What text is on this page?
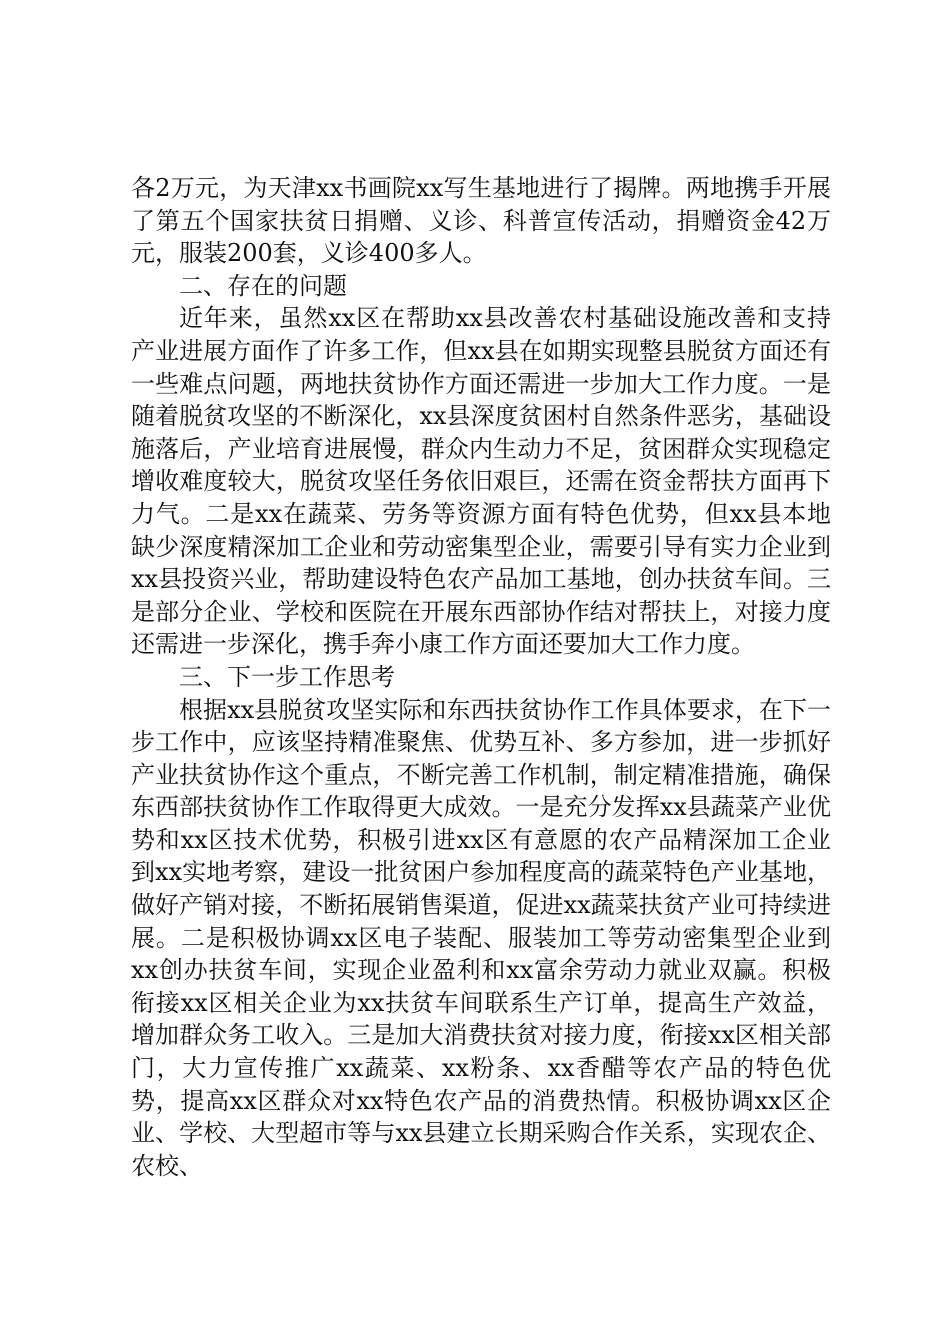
各2万元，为天津xx书画院xx写生基地进行了揭牌。两地携手开展了第五个国家扶贫日捐赠、义诊、科普宣传活动，捐赠资金42万元，服装200套，义诊400多人。

二、存在的问题

近年来，虽然xx区在帮助xx县改善农村基础设施改善和支持产业进展方面作了许多工作，但xx县在如期实现整县脱贫方面还有一些难点问题，两地扶贫协作方面还需进一步加大工作力度。一是随着脱贫攻坚的不断深化，xx县深度贫困村自然条件恶劣，基础设施落后，产业培育进展慢，群众内生动力不足，贫困群众实现稳定增收难度较大，脱贫攻坚任务依旧艰巨，还需在资金帮扶方面再下力气。二是xx在蔬菜、劳务等资源方面有特色优势，但xx县本地缺少深度精深加工企业和劳动密集型企业，需要引导有实力企业到xx县投资兴业，帮助建设特色农产品加工基地，创办扶贫车间。三是部分企业、学校和医院在开展东西部协作结对帮扶上，对接力度还需进一步深化，携手奔小康工作方面还要加大工作力度。

三、下一步工作思考

根据xx县脱贫攻坚实际和东西扶贫协作工作具体要求，在下一步工作中，应该坚持精准聚焦、优势互补、多方参加，进一步抓好产业扶贫协作这个重点，不断完善工作机制，制定精准措施，确保东西部扶贫协作工作取得更大成效。一是充分发挥xx县蔬菜产业优势和xx区技术优势，积极引进xx区有意愿的农产品精深加工企业到xx实地考察，建设一批贫困户参加程度高的蔬菜特色产业基地，做好产销对接，不断拓展销售渠道，促进xx蔬菜扶贫产业可持续进展。二是积极协调xx区电子装配、服装加工等劳动密集型企业到xx创办扶贫车间，实现企业盈利和xx富余劳动力就业双赢。积极衔接xx区相关企业为xx扶贫车间联系生产订单，提高生产效益，增加群众务工收入。三是加大消费扶贫对接力度，衔接xx区相关部门，大力宣传推广xx蔬菜、xx粉条、xx香醋等农产品的特色优势，提高xx区群众对xx特色农产品的消费热情。积极协调xx区企业、学校、大型超市等与xx县建立长期采购合作关系，实现农企、农校、
